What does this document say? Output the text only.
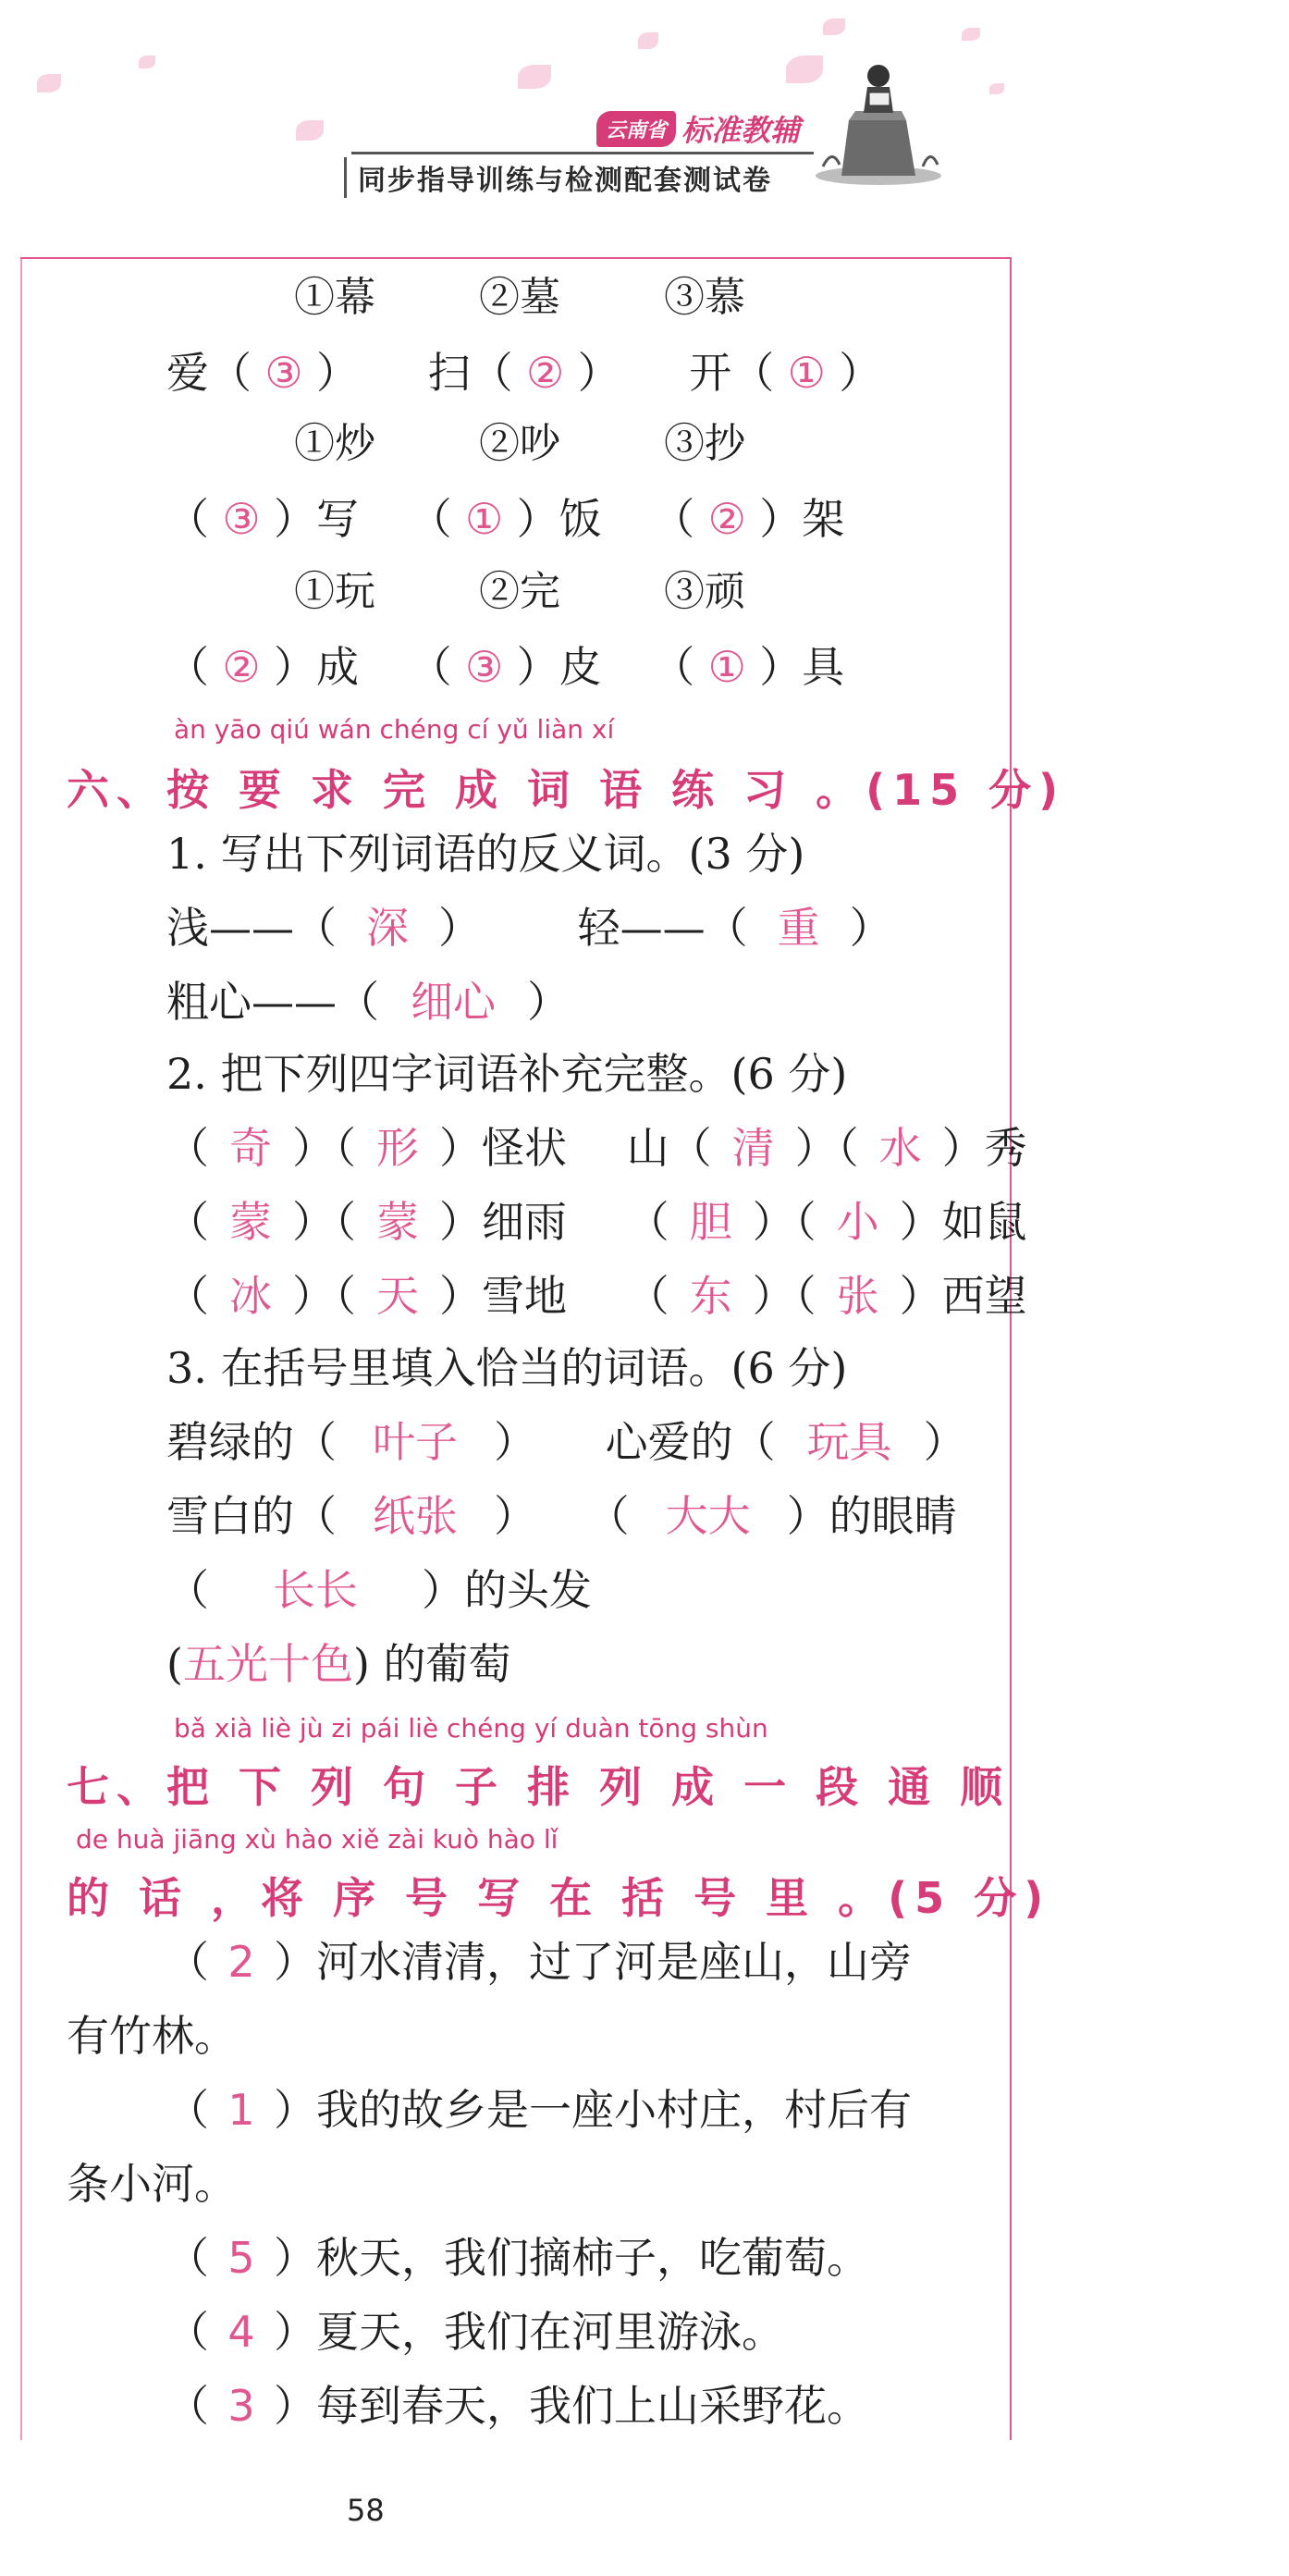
云南省 标准教辅
同步指导训练与检测配套测试卷
①幕	②墓	③慕
爱（ ③ ） 扫（ ② ） 开（ ① ）
①炒	②吵	③抄
（ ③ ）写 （ ① ）饭 （ ② ）架
①玩	②完	③顽
（ ② ）成 （ ③ ）皮 （ ① ）具
àn yāo qiú wán chéng cí yǔ liàn xí
六、按 要 求 完 成 词 语 练 习 。(15 分)
1. 写出下列词语的反义词。(3 分)
浅——（ 深 ） 轻——（ 重 ）
粗心——（ 细心 ）
2. 把下列四字词语补充完整。(6 分)
（ 奇 ）（ 形 ）怪状 山（ 清 ）（ 水 ）秀
（ 蒙 ）（ 蒙 ）细雨 （ 胆 ）（ 小 ）如鼠
（ 冰 ）（ 天 ）雪地 （ 东 ）（ 张 ）西望
3. 在括号里填入恰当的词语。(6 分)
碧绿的（ 叶子 ） 心爱的（ 玩具 ）
雪白的（ 纸张 ） （ 大大 ）的眼睛
（ 长长 ）的头发
(五光十色) 的葡萄
bǎ xià liè jù zi pái liè chéng yí duàn tōng shùn
七、把 下 列 句 子 排 列 成 一 段 通 顺
de huà jiāng xù hào xiě zài kuò hào lǐ
的 话 ，将 序 号 写 在 括 号 里 。(5 分)
（ 2 ）河水清清，过了河是座山，山旁
有竹林。
（ 1 ）我的故乡是一座小村庄，村后有
条小河。
（ 5 ）秋天，我们摘柿子，吃葡萄。
（ 4 ）夏天，我们在河里游泳。
（ 3 ）每到春天，我们上山采野花。
58
